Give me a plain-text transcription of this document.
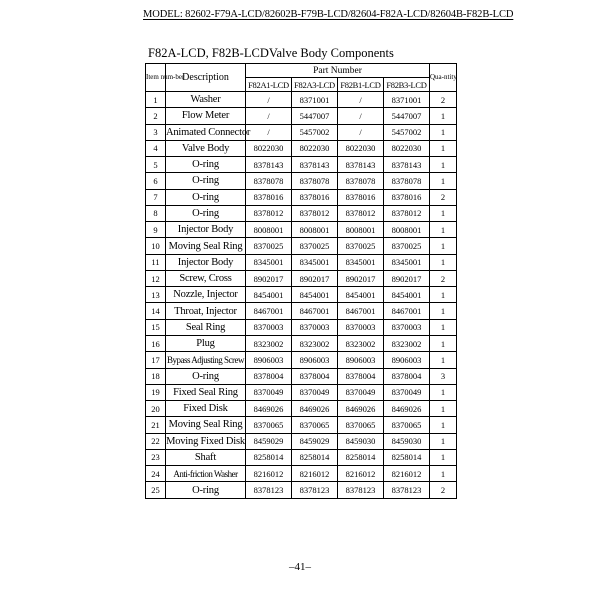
MODEL: 82602-F79A-LCD/82602B-F79B-LCD/82604-F82A-LCD/82604B-F82B-LCD
F82A-LCD, F82B-LCDValve Body Components
Item num-ber	Description	Part Number				Qua-ntity
		F82A1-LCD	F82A3-LCD	F82B1-LCD	F82B3-LCD	
1	Washer	/	8371001	/	8371001	2
2	Flow Meter	/	5447007	/	5447007	1
3	Animated Connector	/	5457002	/	5457002	1
4	Valve Body	8022030	8022030	8022030	8022030	1
5	O-ring	8378143	8378143	8378143	8378143	1
6	O-ring	8378078	8378078	8378078	8378078	1
7	O-ring	8378016	8378016	8378016	8378016	2
8	O-ring	8378012	8378012	8378012	8378012	1
9	Injector Body	8008001	8008001	8008001	8008001	1
10	Moving Seal Ring	8370025	8370025	8370025	8370025	1
11	Injector Body	8345001	8345001	8345001	8345001	1
12	Screw, Cross	8902017	8902017	8902017	8902017	2
13	Nozzle, Injector	8454001	8454001	8454001	8454001	1
14	Throat, Injector	8467001	8467001	8467001	8467001	1
15	Seal Ring	8370003	8370003	8370003	8370003	1
16	Plug	8323002	8323002	8323002	8323002	1
17	Bypass Adjusting Screw	8906003	8906003	8906003	8906003	1
18	O-ring	8378004	8378004	8378004	8378004	3
19	Fixed Seal Ring	8370049	8370049	8370049	8370049	1
20	Fixed Disk	8469026	8469026	8469026	8469026	1
21	Moving Seal Ring	8370065	8370065	8370065	8370065	1
22	Moving Fixed Disk	8459029	8459029	8459030	8459030	1
23	Shaft	8258014	8258014	8258014	8258014	1
24	Anti-friction Washer	8216012	8216012	8216012	8216012	1
25	O-ring	8378123	8378123	8378123	8378123	2
–41–
